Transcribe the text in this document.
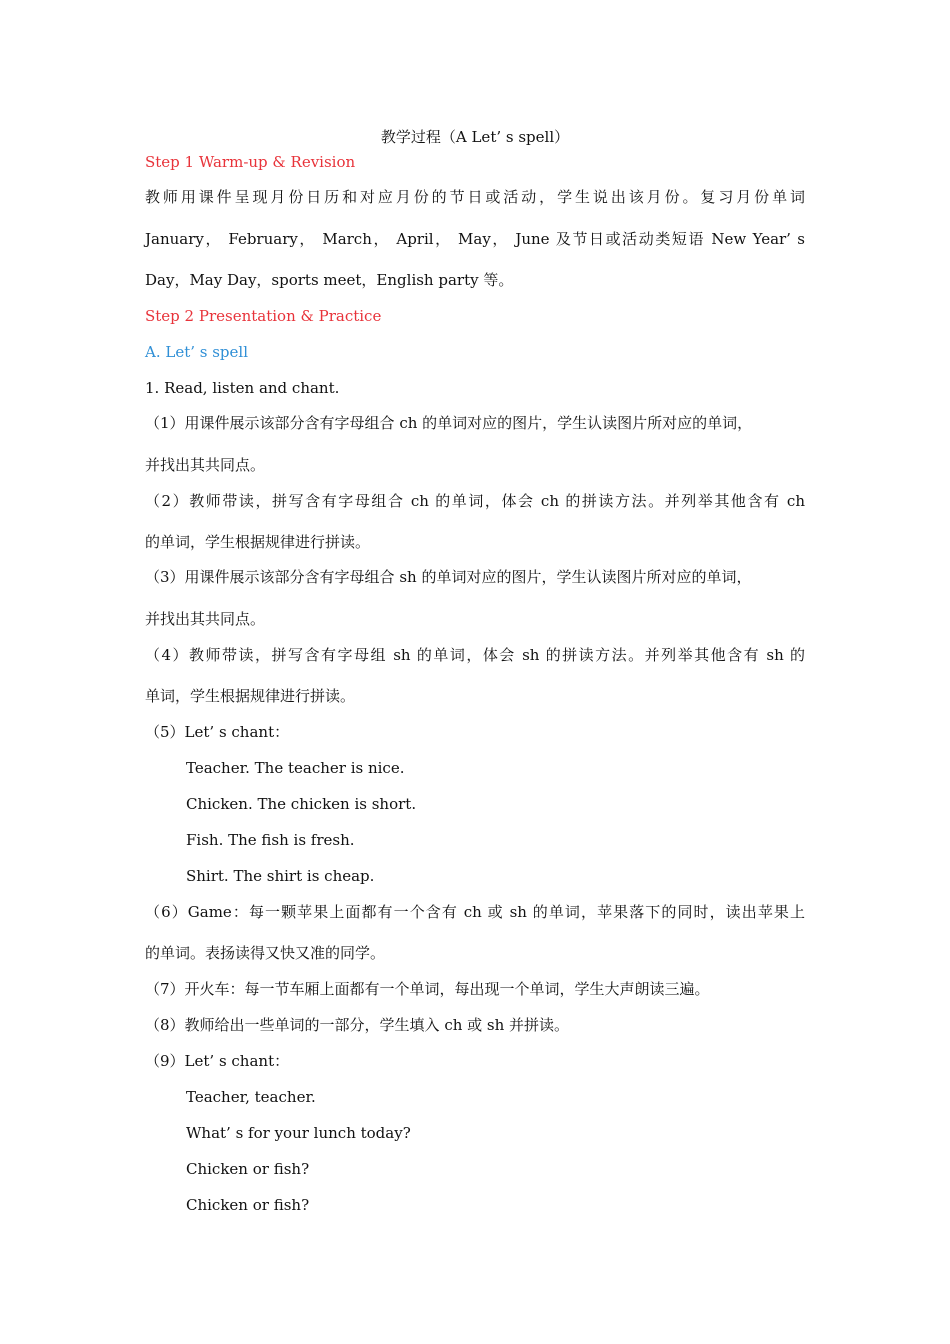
教学过程（A Let’ s spell）
Step 1 Warm-up & Revision
教师用课件呈现月份日历和对应月份的节日或活动，学生说出该月份。复习月份单词
January， February， March， April， May， June 及节日或活动类短语 New Year’ s
Day，May Day，sports meet，English party 等。
Step 2 Presentation & Practice
A. Let’ s spell
1. Read, listen and chant.
（1）用课件展示该部分含有字母组合 ch 的单词对应的图片，学生认读图片所对应的单词，
并找出其共同点。
（2）教师带读，拼写含有字母组合 ch 的单词，体会 ch 的拼读方法。并列举其他含有 ch
的单词，学生根据规律进行拼读。
（3）用课件展示该部分含有字母组合 sh 的单词对应的图片，学生认读图片所对应的单词，
并找出其共同点。
（4）教师带读，拼写含有字母组 sh 的单词，体会 sh 的拼读方法。并列举其他含有 sh 的
单词，学生根据规律进行拼读。
（5）Let’ s chant：
Teacher. The teacher is nice.
Chicken. The chicken is short.
Fish. The fish is fresh.
Shirt. The shirt is cheap.
（6）Game：每一颗苹果上面都有一个含有 ch 或 sh 的单词，苹果落下的同时，读出苹果上
的单词。表扬读得又快又准的同学。
（7）开火车：每一节车厢上面都有一个单词，每出现一个单词，学生大声朗读三遍。
（8）教师给出一些单词的一部分，学生填入 ch 或 sh 并拼读。
（9）Let’ s chant：
Teacher, teacher.
What’ s for your lunch today?
Chicken or fish?
Chicken or fish?
